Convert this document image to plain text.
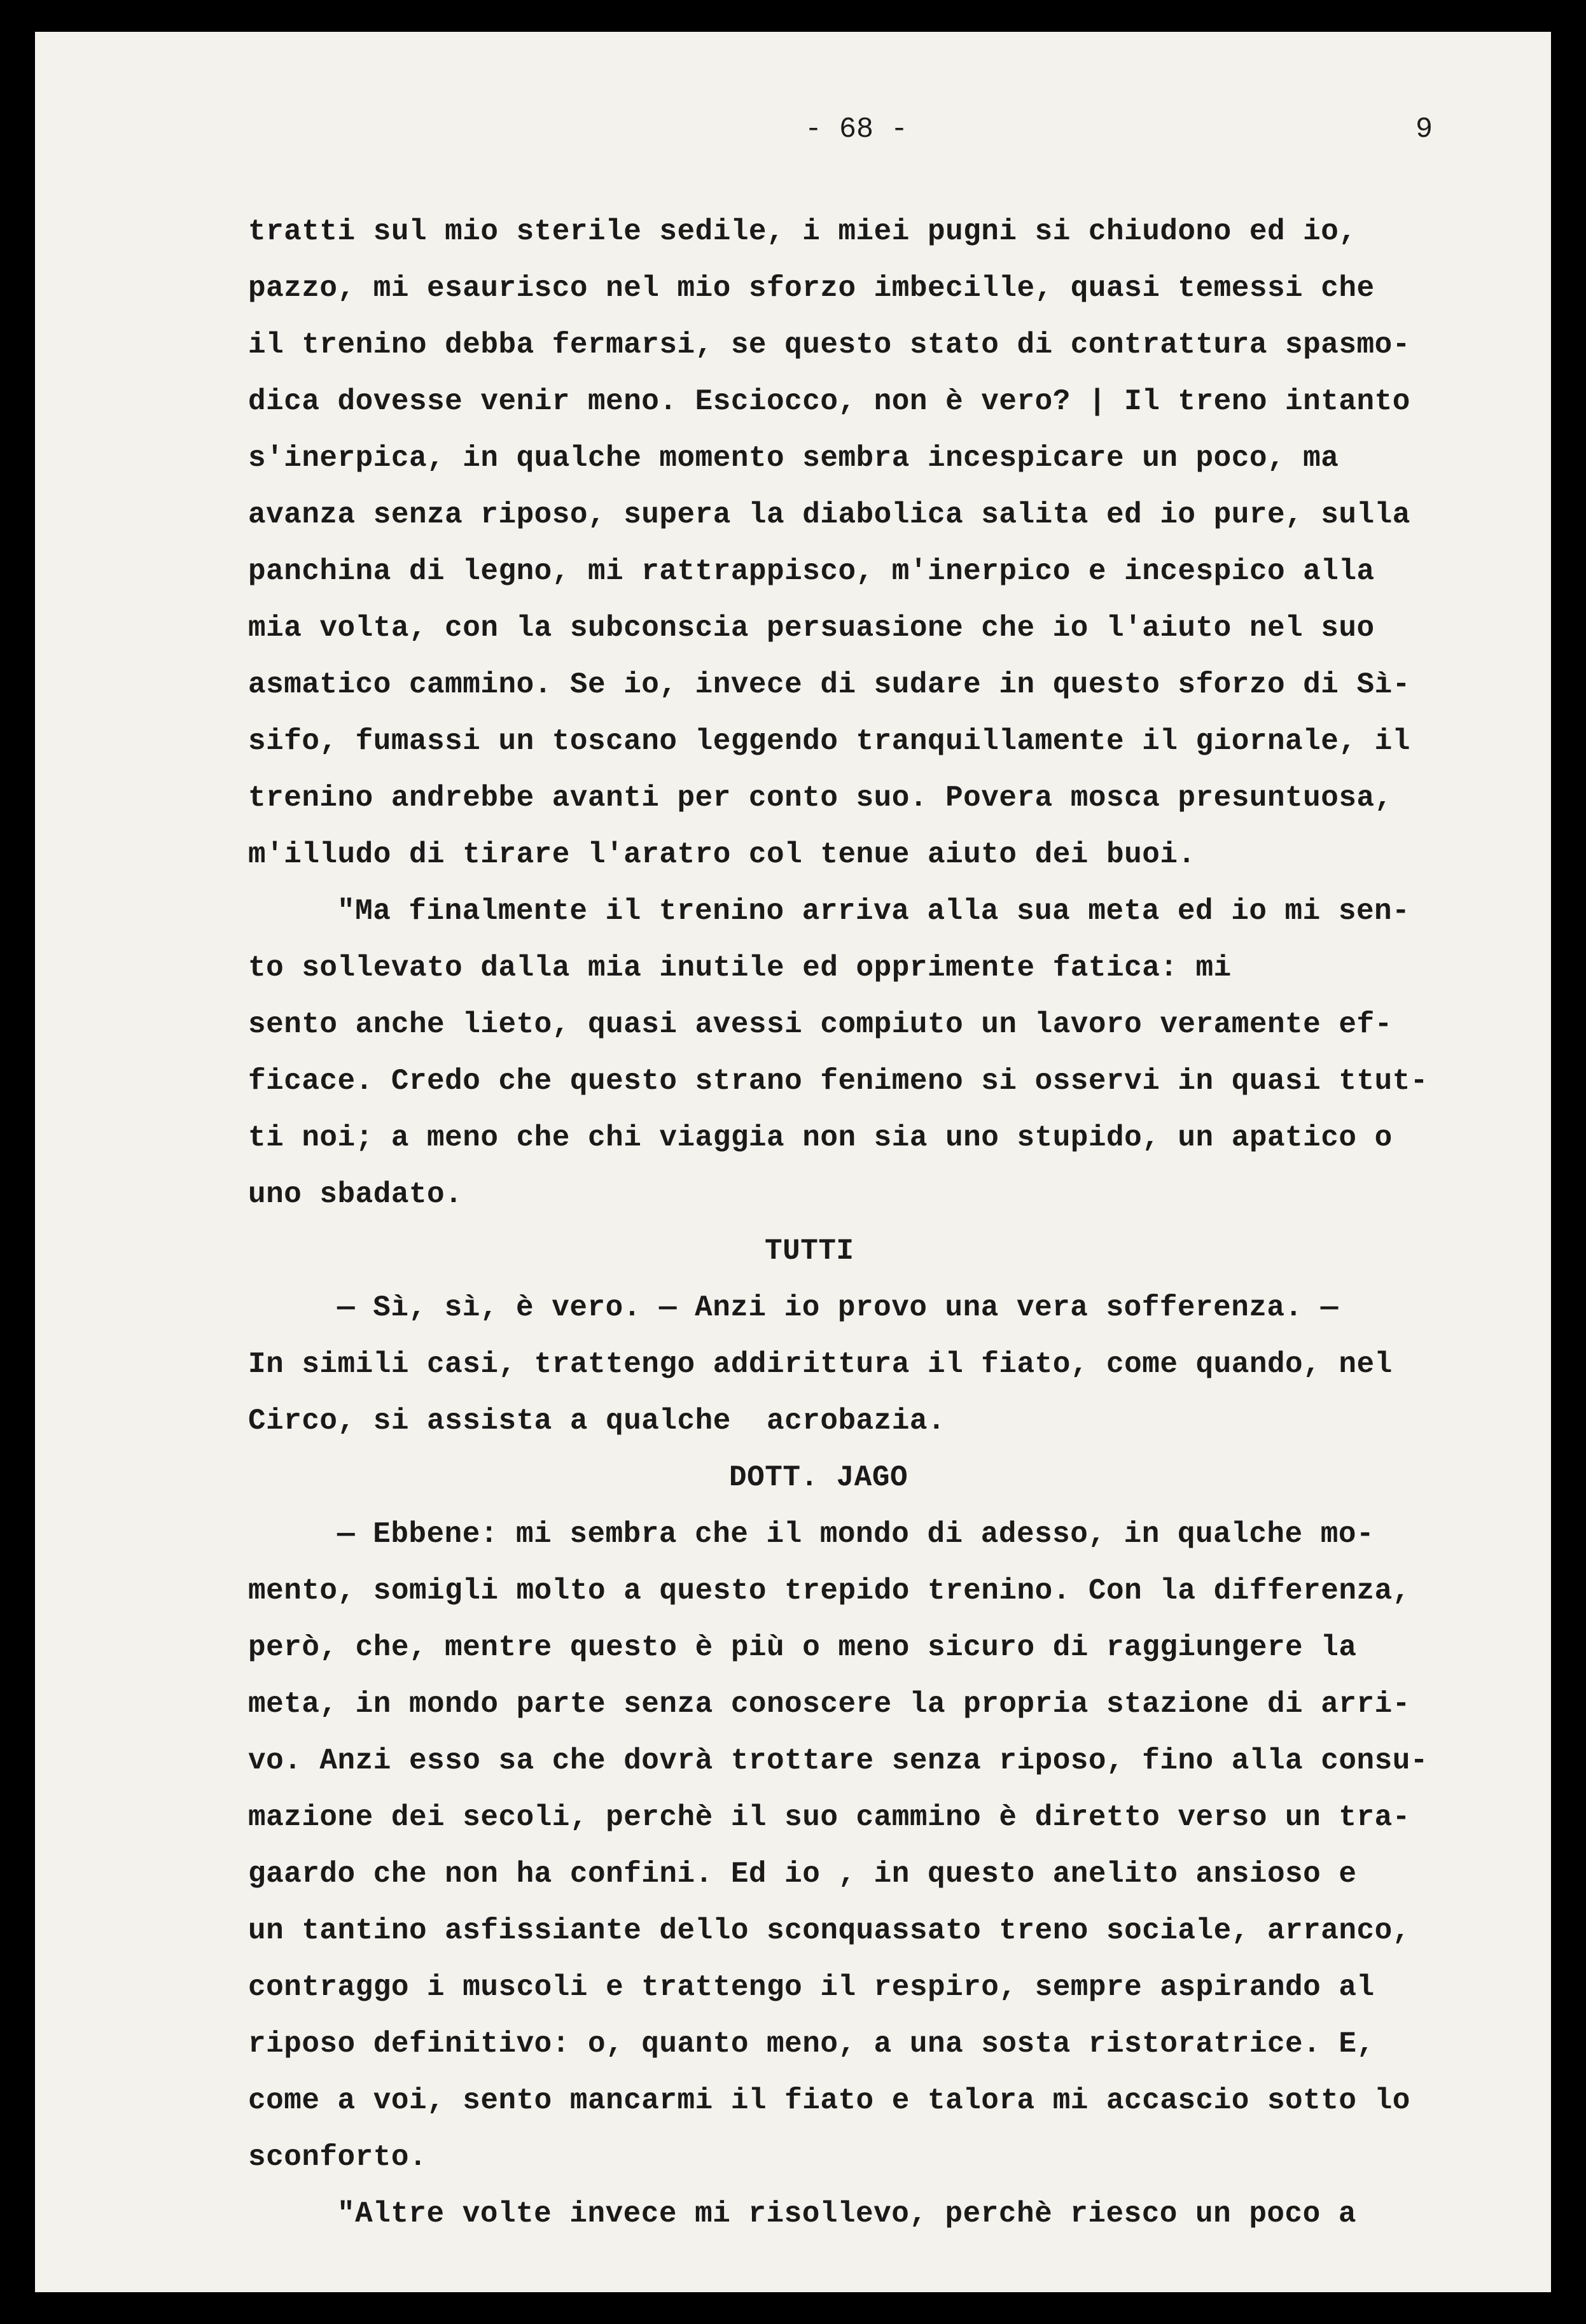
- 68 -	9
tratti sul mio sterile sedile, i miei pugni si chiudono ed io,
pazzo, mi esaurisco nel mio sforzo imbecille, quasi temessi che
il trenino debba fermarsi, se questo stato di contrattura spasmo-
dica dovesse venir meno. Esciocco, non è vero? | Il treno intanto
s'inerpica, in qualche momento sembra incespicare un poco, ma
avanza senza riposo, supera la diabolica salita ed io pure, sulla
panchina di legno, mi rattrappisco, m'inerpico e incespico alla
mia volta, con la subconscia persuasione che io l'aiuto nel suo
asmatico cammino. Se io, invece di sudare in questo sforzo di Sì-
sifo, fumassi un toscano leggendo tranquillamente il giornale, il
trenino andrebbe avanti per conto suo. Povera mosca presuntuosa,
m'illudo di tirare l'aratro col tenue aiuto dei buoi.
"Ma finalmente il trenino arriva alla sua meta ed io mi sen-
to sollevato dalla mia inutile ed opprimente fatica: mi
sento anche lieto, quasi avessi compiuto un lavoro veramente ef-
ficace. Credo che questo strano fenimeno si osservi in quasi ttut-
ti noi; a meno che chi viaggia non sia uno stupido, un apatico o
uno sbadato.
TUTTI
— Sì, sì, è vero. — Anzi io provo una vera sofferenza. —
In simili casi, trattengo addirittura il fiato, come quando, nel
Circo, si assista a qualche  acrobazia.
DOTT. JAGO
— Ebbene: mi sembra che il mondo di adesso, in qualche mo-
mento, somigli molto a questo trepido trenino. Con la differenza,
però, che, mentre questo è più o meno sicuro di raggiungere la
meta, in mondo parte senza conoscere la propria stazione di arri-
vo. Anzi esso sa che dovrà trottare senza riposo, fino alla consu-
mazione dei secoli, perchè il suo cammino è diretto verso un tra-
gaardo che non ha confini. Ed io , in questo anelito ansioso e
un tantino asfissiante dello sconquassato treno sociale, arranco,
contraggo i muscoli e trattengo il respiro, sempre aspirando al
riposo definitivo: o, quanto meno, a una sosta ristoratrice. E,
come a voi, sento mancarmi il fiato e talora mi accascio sotto lo
sconforto.
"Altre volte invece mi risollevo, perchè riesco un poco a
